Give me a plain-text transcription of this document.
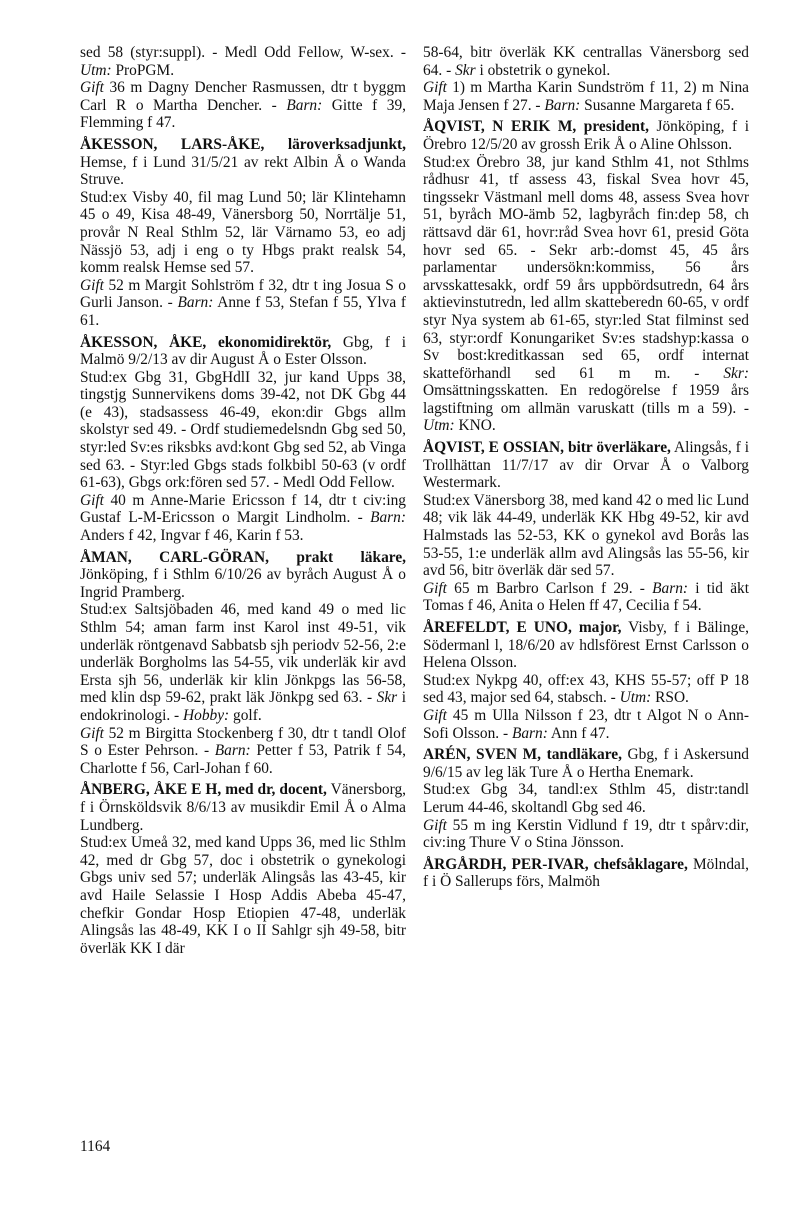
sed 58 (styr:suppl). - Medl Odd Fellow, W-sex. - Utm: ProPGM.

Gift 36 m Dagny Dencher Rasmussen, dtr t byggm Carl R o Martha Dencher. - Barn: Gitte f 39, Flemming f 47.

ÅKESSON, LARS-ÅKE, läroverksadjunkt, Hemse, f i Lund 31/5/21 av rekt Albin Å o Wanda Struve.

Stud:ex Visby 40, fil mag Lund 50; lär Klintehamn 45 o 49, Kisa 48-49, Vänersborg 50, Norrtälje 51, provår N Real Sthlm 52, lär Värnamo 53, eo adj Nässjö 53, adj i eng o ty Hbgs prakt realsk 54, komm realsk Hemse sed 57.

Gift 52 m Margit Sohlström f 32, dtr t ing Josua S o Gurli Janson. - Barn: Anne f 53, Stefan f 55, Ylva f 61.

ÅKESSON, ÅKE, ekonomidirektör, Gbg, f i Malmö 9/2/13 av dir August Å o Ester Olsson.

Stud:ex Gbg 31, GbgHdlI 32, jur kand Upps 38, tingstjg Sunnervikens doms 39-42, not DK Gbg 44 (e 43), stadsassess 46-49, ekon:dir Gbgs allm skolstyr sed 49. - Ordf studiemedelsndn Gbg sed 50, styr:led Sv:es riksbks avd:kont Gbg sed 52, ab Vinga sed 63. - Styr:led Gbgs stads folkbibl 50-63 (v ordf 61-63), Gbgs ork:fören sed 57. - Medl Odd Fellow.

Gift 40 m Anne-Marie Ericsson f 14, dtr t civ:ing Gustaf L-M-Ericsson o Margit Lindholm. - Barn: Anders f 42, Ingvar f 46, Karin f 53.

ÅMAN, CARL-GÖRAN, prakt läkare, Jönköping, f i Sthlm 6/10/26 av byråch August Å o Ingrid Pramberg.

Stud:ex Saltsjöbaden 46, med kand 49 o med lic Sthlm 54; aman farm inst Karol inst 49-51, vik underläk röntgenavd Sabbatsb sjh periodv 52-56, 2:e underläk Borgholms las 54-55, vik underläk kir avd Ersta sjh 56, underläk kir klin Jönkpgs las 56-58, med klin dsp 59-62, prakt läk Jönkpg sed 63. - Skr i endokrinologi. - Hobby: golf.

Gift 52 m Birgitta Stockenberg f 30, dtr t tandl Olof S o Ester Pehrson. - Barn: Petter f 53, Patrik f 54, Charlotte f 56, Carl-Johan f 60.

ÅNBERG, ÅKE E H, med dr, docent, Vänersborg, f i Örnsköldsvik 8/6/13 av musikdir Emil Å o Alma Lundberg.

Stud:ex Umeå 32, med kand Upps 36, med lic Sthlm 42, med dr Gbg 57, doc i obstetrik o gynekologi Gbgs univ sed 57; underläk Alingsås las 43-45, kir avd Haile Selassie I Hosp Addis Abeba 45-47, chefkir Gondar Hosp Etiopien 47-48, underläk Alingsås las 48-49, KK I o II Sahlgr sjh 49-58, bitr överläk KK I där

58-64, bitr överläk KK centrallas Vänersborg sed 64. - Skr i obstetrik o gynekol.

Gift 1) m Martha Karin Sundström f 11, 2) m Nina Maja Jensen f 27. - Barn: Susanne Margareta f 65.

ÅQVIST, N ERIK M, president, Jönköping, f i Örebro 12/5/20 av grossh Erik Å o Aline Ohlsson.

Stud:ex Örebro 38, jur kand Sthlm 41, not Sthlms rådhusr 41, tf assess 43, fiskal Svea hovr 45, tingssekr Västmanl mell doms 48, assess Svea hovr 51, byråch MO-ämb 52, lagbyråch fin:dep 58, ch rättsavd där 61, hovr:råd Svea hovr 61, presid Göta hovr sed 65. - Sekr arb:-domst 45, 45 års parlamentar undersökn:kommiss, 56 års arvsskattesakk, ordf 59 års uppbördsutredn, 64 års aktievinstutredn, led allm skatteberedn 60-65, v ordf styr Nya system ab 61-65, styr:led Stat filminst sed 63, styr:ordf Konungariket Sv:es stadshyp:kassa o Sv bost:kreditkassan sed 65, ordf internat skatteförhandl sed 61 m m. - Skr: Omsättningsskatten. En redogörelse f 1959 års lagstiftning om allmän varuskatt (tills m a 59). - Utm: KNO.

ÅQVIST, E OSSIAN, bitr överläkare, Alingsås, f i Trollhättan 11/7/17 av dir Orvar Å o Valborg Westermark.

Stud:ex Vänersborg 38, med kand 42 o med lic Lund 48; vik läk 44-49, underläk KK Hbg 49-52, kir avd Halmstads las 52-53, KK o gynekol avd Borås las 53-55, 1:e underläk allm avd Alingsås las 55-56, kir avd 56, bitr överläk där sed 57.

Gift 65 m Barbro Carlson f 29. - Barn: i tid äkt Tomas f 46, Anita o Helen ff 47, Cecilia f 54.

ÅREFELDT, E UNO, major, Visby, f i Bälinge, Södermanl l, 18/6/20 av hdlsförest Ernst Carlsson o Helena Olsson.

Stud:ex Nykpg 40, off:ex 43, KHS 55-57; off P 18 sed 43, major sed 64, stabsch. - Utm: RSO.

Gift 45 m Ulla Nilsson f 23, dtr t Algot N o Ann-Sofi Olsson. - Barn: Ann f 47.

ARÉN, SVEN M, tandläkare, Gbg, f i Askersund 9/6/15 av leg läk Ture Å o Hertha Enemark.

Stud:ex Gbg 34, tandl:ex Sthlm 45, distr:tandl Lerum 44-46, skoltandl Gbg sed 46.

Gift 55 m ing Kerstin Vidlund f 19, dtr t spårv:dir, civ:ing Thure V o Stina Jönsson.

ÅRGÅRDH, PER-IVAR, chefsåklagare, Mölndal, f i Ö Sallerups förs, Malmöh

1164
